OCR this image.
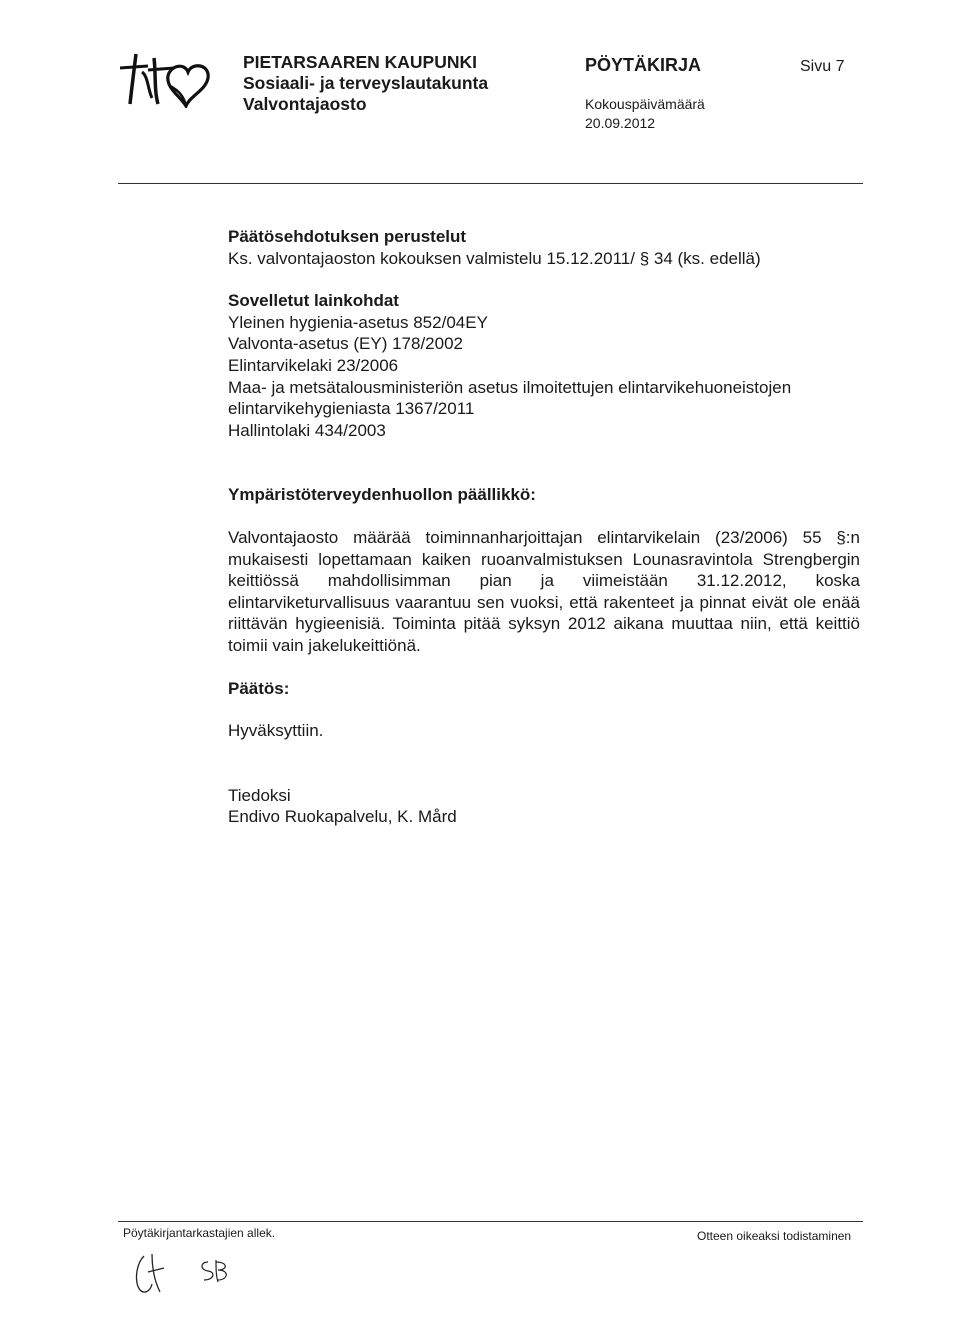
PIETARSAAREN KAUPUNKI
Sosiaali- ja terveyslautakunta
Valvontajaosto
PÖYTÄKIRJA	Sivu 7
Kokouspäivämäärä
20.09.2012
Päätösehdotuksen perustelut
Ks. valvontajaoston kokouksen valmistelu 15.12.2011/ § 34 (ks. edellä)
Sovelletut lainkohdat
Yleinen hygienia-asetus 852/04EY
Valvonta-asetus (EY) 178/2002
Elintarvikelaki 23/2006
Maa- ja metsätalousministeriön asetus ilmoitettujen elintarvikehuoneistojen
elintarvikehygieniasta 1367/2011
Hallintolaki 434/2003
Ympäristöterveydenhuollon päällikkö:
Valvontajaosto määrää toiminnanharjoittajan elintarvikelain (23/2006) 55 §:n mukaisesti lopettamaan kaiken ruoanvalmistuksen Lounasravintola Strengbergin keittiössä mahdollisimman pian ja viimeistään 31.12.2012, koska elintarviketurvallisuus vaarantuu sen vuoksi, että rakenteet ja pinnat eivät ole enää riittävän hygieenisiä. Toiminta pitää syksyn 2012 aikana muuttaa niin, että keittiö toimii vain jakelukeittiönä.
Päätös:
Hyväksyttiin.
Tiedoksi
Endivo Ruokapalvelu, K. Mård
Pöytäkirjantarkastajien allek.	Otteen oikeaksi todistaminen
